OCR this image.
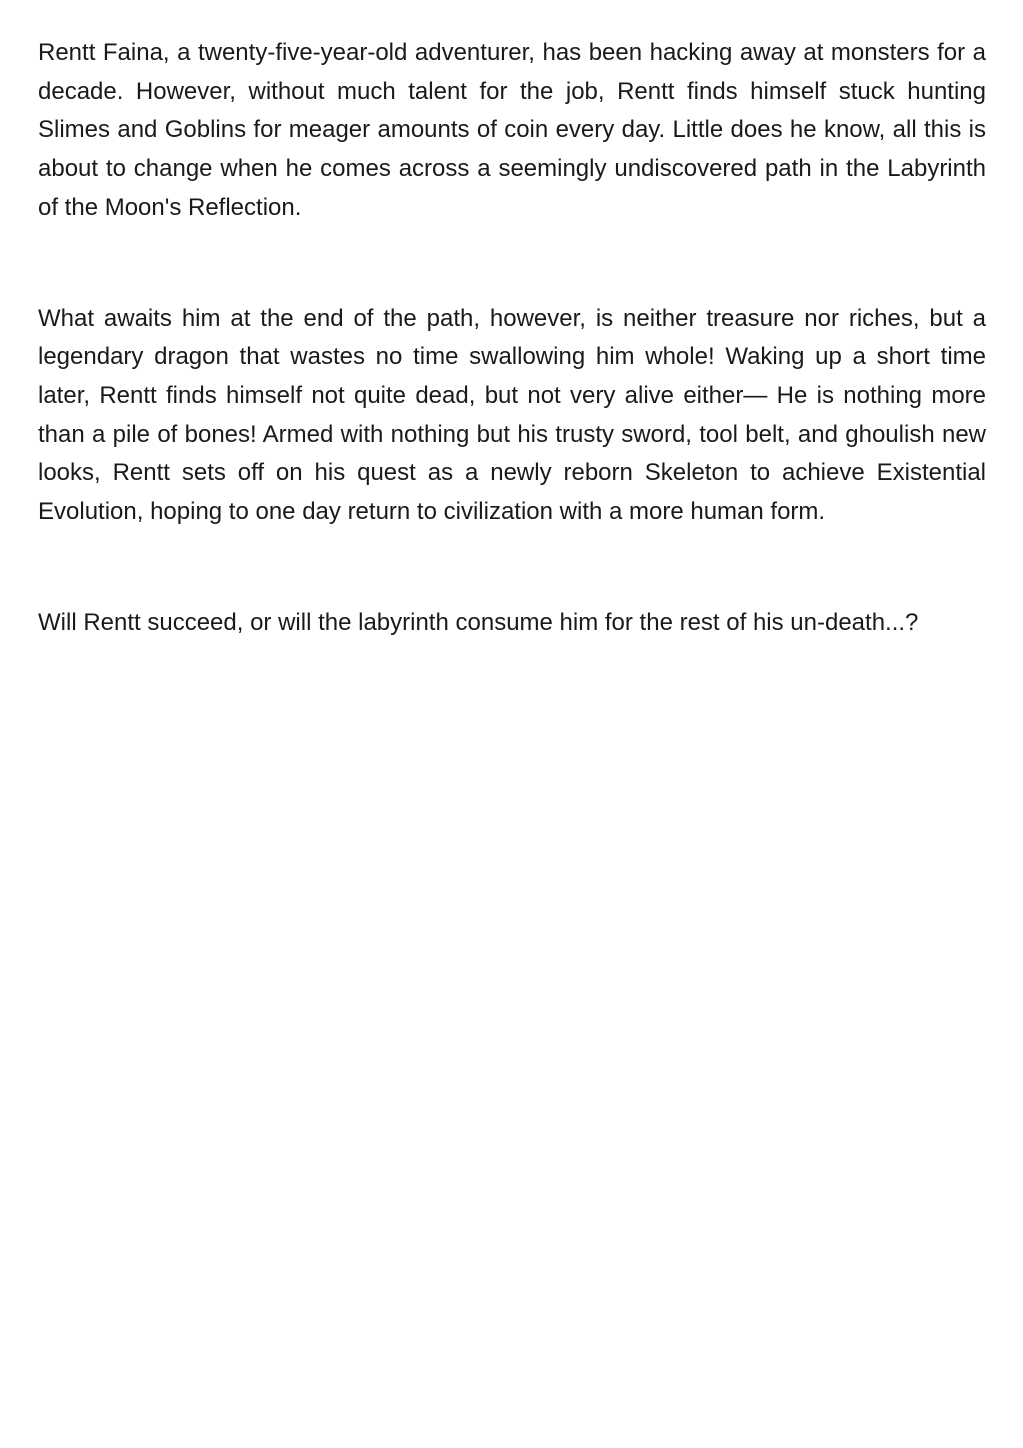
Rentt Faina, a twenty-five-year-old adventurer, has been hacking away at monsters for a decade. However, without much talent for the job, Rentt finds himself stuck hunting Slimes and Goblins for meager amounts of coin every day. Little does he know, all this is about to change when he comes across a seemingly undiscovered path in the Labyrinth of the Moon's Reflection.

What awaits him at the end of the path, however, is neither treasure nor riches, but a legendary dragon that wastes no time swallowing him whole! Waking up a short time later, Rentt finds himself not quite dead, but not very alive either— He is nothing more than a pile of bones! Armed with nothing but his trusty sword, tool belt, and ghoulish new looks, Rentt sets off on his quest as a newly reborn Skeleton to achieve Existential Evolution, hoping to one day return to civilization with a more human form.

Will Rentt succeed, or will the labyrinth consume him for the rest of his un-death...?
